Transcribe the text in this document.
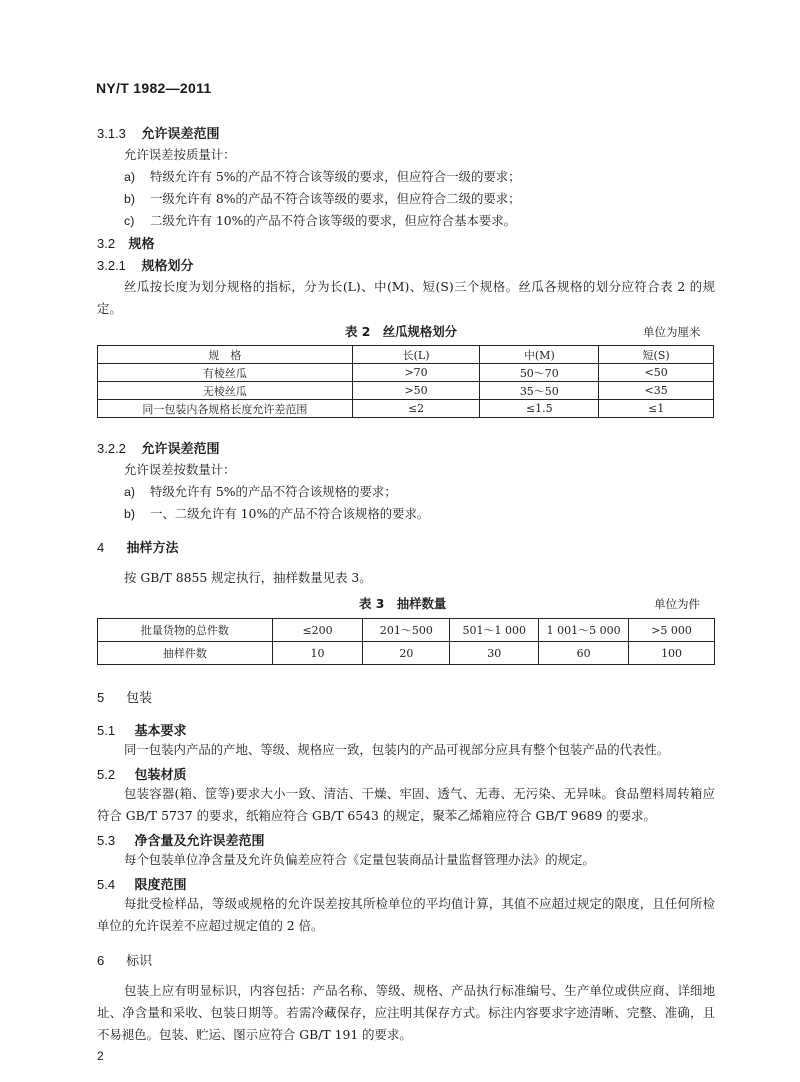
NY/T 1982—2011
3.1.3 允许误差范围
允许误差按质量计：
a) 特级允许有 5%的产品不符合该等级的要求，但应符合一级的要求；
b) 一级允许有 8%的产品不符合该等级的要求，但应符合二级的要求；
c) 二级允许有 10%的产品不符合该等级的要求，但应符合基本要求。
3.2 规格
3.2.1 规格划分
丝瓜按长度为划分规格的指标，分为长(L)、中(M)、短(S)三个规格。丝瓜各规格的划分应符合表 2 的规定。
表 2　丝瓜规格划分	单位为厘米
规　格	长(L)	中(M)	短(S)
有棱丝瓜	>70	50～70	<50
无棱丝瓜	>50	35～50	<35
同一包装内各规格长度允许差范围	≤2	≤1.5	≤1
3.2.2 允许误差范围
允许误差按数量计：
a) 特级允许有 5%的产品不符合该规格的要求；
b) 一、二级允许有 10%的产品不符合该规格的要求。
4 抽样方法
按 GB/T 8855 规定执行，抽样数量见表 3。
表 3　抽样数量	单位为件
批量货物的总件数	≤200	201～500	501～1 000	1 001～5 000	>5 000
抽样件数	10	20	30	60	100
5 包装
5.1 基本要求
同一包装内产品的产地、等级、规格应一致，包装内的产品可视部分应具有整个包装产品的代表性。
5.2 包装材质
包装容器(箱、筐等)要求大小一致、清洁、干燥、牢固、透气、无毒、无污染、无异味。食品塑料周转箱应符合 GB/T 5737 的要求，纸箱应符合 GB/T 6543 的规定，聚苯乙烯箱应符合 GB/T 9689 的要求。
5.3 净含量及允许误差范围
每个包装单位净含量及允许负偏差应符合《定量包装商品计量监督管理办法》的规定。
5.4 限度范围
每批受检样品，等级或规格的允许误差按其所检单位的平均值计算，其值不应超过规定的限度，且任何所检单位的允许误差不应超过规定值的 2 倍。
6 标识
包装上应有明显标识，内容包括：产品名称、等级、规格、产品执行标准编号、生产单位或供应商、详细地址、净含量和采收、包装日期等。若需冷藏保存，应注明其保存方式。标注内容要求字迹清晰、完整、准确，且不易褪色。包装、贮运、图示应符合 GB/T 191 的要求。
2
